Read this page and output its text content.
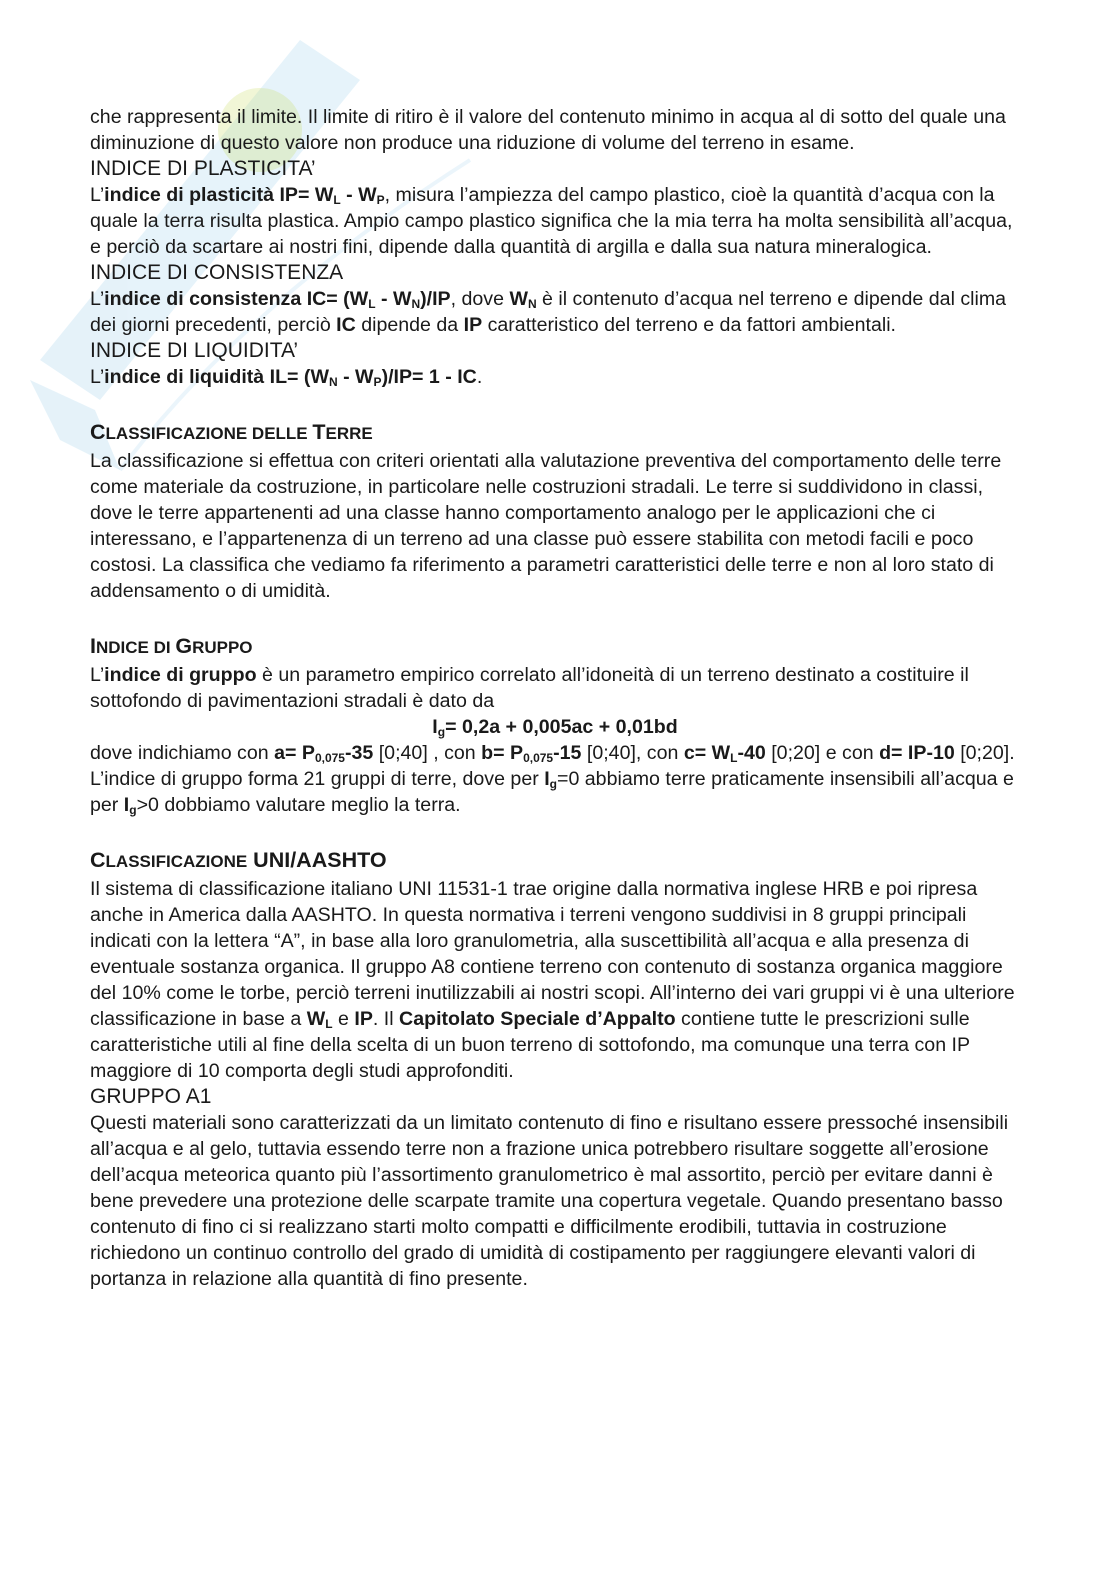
che rappresenta il limite. Il limite di ritiro è il valore del contenuto minimo in acqua al di sotto del quale una diminuzione di questo valore non produce una riduzione di volume del terreno in esame.

INDICE DI PLASTICITA’

L’indice di plasticità $IP= W_L - W_P$, misura l’ampiezza del campo plastico, cioè la quantità d’acqua con la quale la terra risulta plastica. Ampio campo plastico significa che la mia terra ha molta sensibilità all’acqua, e perciò da scartare ai nostri fini, dipende dalla quantità di argilla e dalla sua natura mineralogica.

INDICE DI CONSISTENZA

L’indice di consistenza $IC= (W_L - W_N)/IP$, dove $W_N$ è il contenuto d’acqua nel terreno e dipende dal clima dei giorni precedenti, perciò IC dipende da IP caratteristico del terreno e da fattori ambientali.

INDICE DI LIQUIDITA’

L’indice di liquidità $IL= (W_N - W_P)/IP= 1$ - IC.

CLASSIFICAZIONE DELLE TERRE

La classificazione si effettua con criteri orientati alla valutazione preventiva del comportamento delle terre come materiale da costruzione, in particolare nelle costruzioni stradali. Le terre si suddividono in classi, dove le terre appartenenti ad una classe hanno comportamento analogo per le applicazioni che ci interessano, e l’appartenenza di un terreno ad una classe può essere stabilita con metodi facili e poco costosi. La classifica che vediamo fa riferimento a parametri caratteristici delle terre e non al loro stato di addensamento o di umidità.

INDICE DI GRUPPO

L’indice di gruppo è un parametro empirico correlato all’idoneità di un terreno destinato a costituire il sottofondo di pavimentazioni stradali è dato da

$I_g= 0,2a + 0,005ac + 0,01bd$

dove indichiamo con $a= P_{0,075}-35$ [0;40] , con $b= P_{0,075}-15$ [0;40], con $c= W_L-40$ [0;20] e con d= IP-10 [0;20]. L’indice di gruppo forma 21 gruppi di terre, dove per $I_g=0$ abbiamo terre praticamente insensibili all’acqua e per $I_g>0$ dobbiamo valutare meglio la terra.

CLASSIFICAZIONE UNI/AASHTO

Il sistema di classificazione italiano UNI 11531-1 trae origine dalla normativa inglese HRB e poi ripresa anche in America dalla AASHTO. In questa normativa i terreni vengono suddivisi in 8 gruppi principali indicati con la lettera “A”, in base alla loro granulometria, alla suscettibilità all’acqua e alla presenza di eventuale sostanza organica. Il gruppo A8 contiene terreno con contenuto di sostanza organica maggiore del 10% come le torbe, perciò terreni inutilizzabili ai nostri scopi. All’interno dei vari gruppi vi è una ulteriore classificazione in base a $W_L$ e IP. Il Capitolato Speciale d’Appalto contiene tutte le prescrizioni sulle caratteristiche utili al fine della scelta di un buon terreno di sottofondo, ma comunque una terra con IP maggiore di 10 comporta degli studi approfonditi.

GRUPPO A1

Questi materiali sono caratterizzati da un limitato contenuto di fino e risultano essere pressoché insensibili all’acqua e al gelo, tuttavia essendo terre non a frazione unica potrebbero risultare soggette all’erosione dell’acqua meteorica quanto più l’assortimento granulometrico è mal assortito, perciò per evitare danni è bene prevedere una protezione delle scarpate tramite una copertura vegetale. Quando presentano basso contenuto di fino ci si realizzano starti molto compatti e difficilmente erodibili, tuttavia in costruzione richiedono un continuo controllo del grado di umidità di costipamento per raggiungere elevanti valori di portanza in relazione alla quantità di fino presente.
